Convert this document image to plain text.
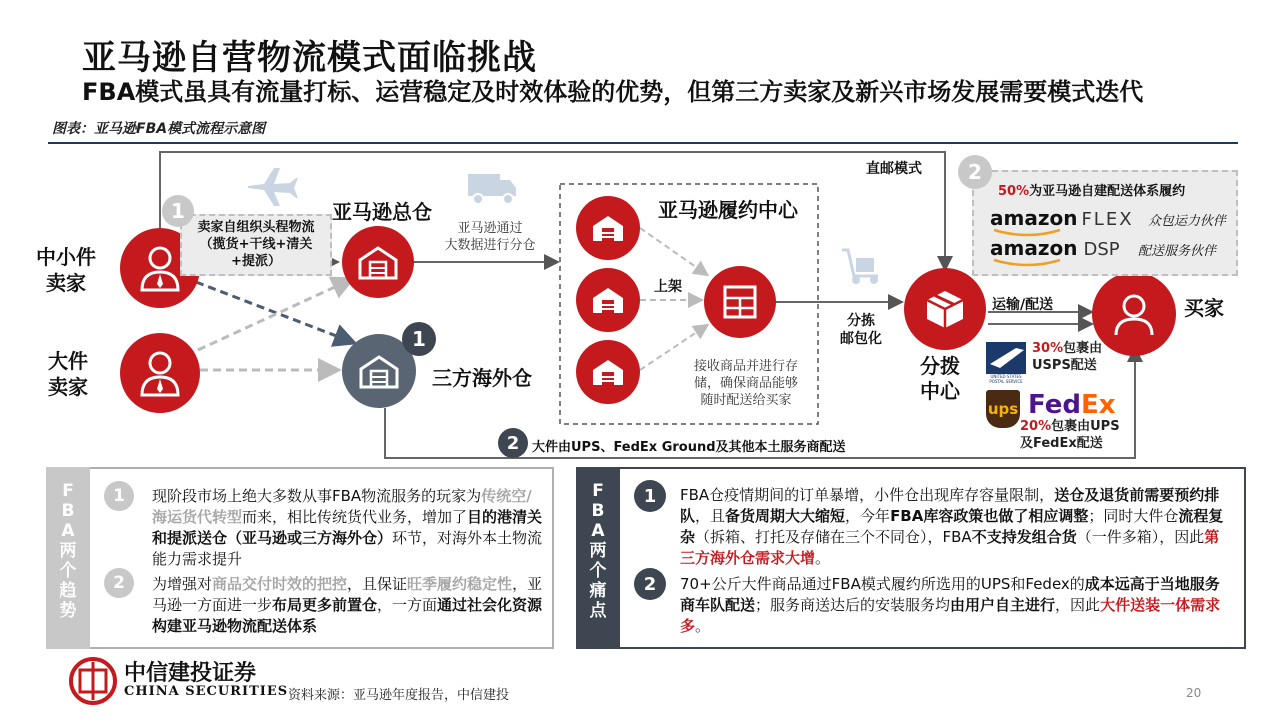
亚马逊自营物流模式面临挑战
FBA模式虽具有流量打标、运营稳定及时效体验的优势，但第三方卖家及新兴市场发展需要模式迭代
图表：亚马逊FBA模式流程示意图
中小件
卖家
大件
卖家
卖家自组织头程物流
（揽货+干线+清关
+提派）
1	亚马逊总仓
亚马逊通过
大数据进行分仓
1
三方海外仓
亚马逊履约中心
上架
接收商品并进行存
储，确保商品能够
随时配送给买家
分拣
邮包化
分拨
中心
直邮模式
运输/配送	买家
2
50%为亚马逊自建配送体系履约
amazon FLEX 众包运力伙伴
amazon DSP 配送服务伙伴
UNITED STATES
POSTAL SERVICE
30%包裹由
USPS配送
ups FedEx
20%包裹由UPS
及FedEx配送
2 大件由UPS、FedEx Ground及其他本土服务商配送
F
B
A
两
个
趋
势
1	现阶段市场上绝大多数从事FBA物流服务的玩家为传统空/海运货代转型而来，相比传统货代业务，增加了目的港清关和提派送仓（亚马逊或三方海外仓）环节，对海外本土物流能力需求提升
2	为增强对商品交付时效的把控，且保证旺季履约稳定性，亚马逊一方面进一步布局更多前置仓，一方面通过社会化资源构建亚马逊物流配送体系
F
B
A
两
个
痛
点
1	FBA仓疫情期间的订单暴增，小件仓出现库存容量限制，送仓及退货前需要预约排队，且备货周期大大缩短，今年FBA库容政策也做了相应调整；同时大件仓流程复杂（拆箱、打托及存储在三个不同仓），FBA不支持发组合货（一件多箱），因此第三方海外仓需求大增。
2	70+公斤大件商品通过FBA模式履约所选用的UPS和Fedex的成本远高于当地服务商车队配送；服务商送达后的安装服务均由用户自主进行，因此大件送装一体需求多。
中信建投证券
CHINA SECURITIES 资料来源：亚马逊年度报告，中信建投	20
